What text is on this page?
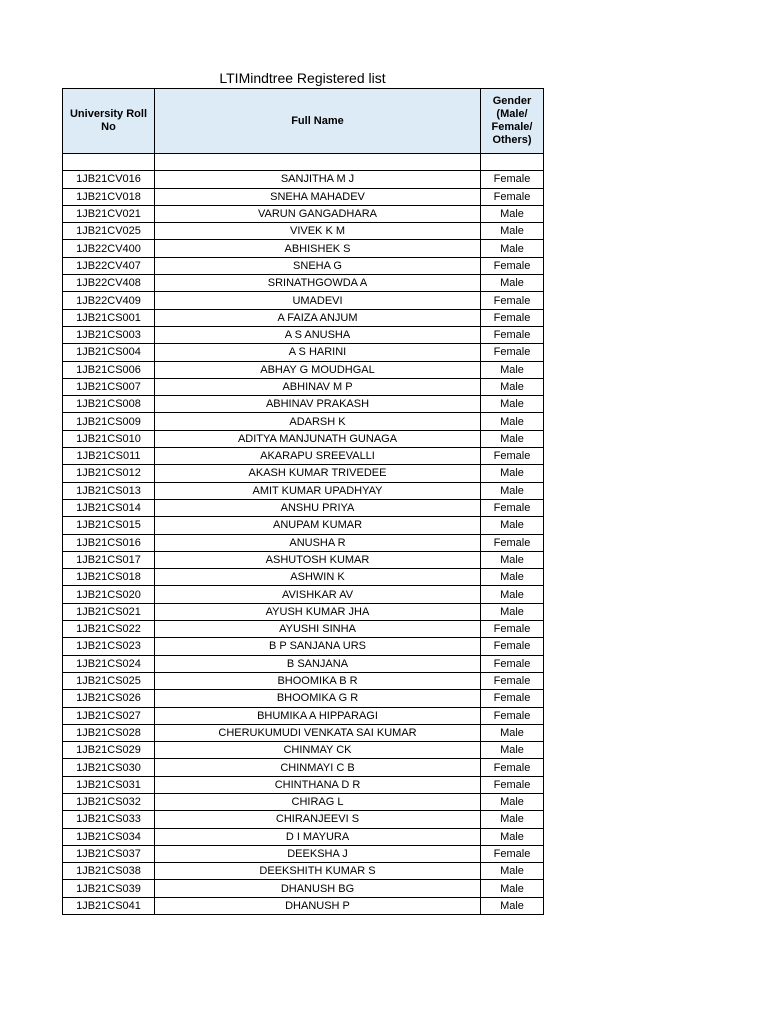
LTIMindtree Registered list
University Roll No	Full Name	Gender (Male/ Female/ Others)

1JB21CV016	SANJITHA M J	Female
1JB21CV018	SNEHA MAHADEV	Female
1JB21CV021	VARUN GANGADHARA	Male
1JB21CV025	VIVEK K M	Male
1JB22CV400	ABHISHEK S	Male
1JB22CV407	SNEHA G	Female
1JB22CV408	SRINATHGOWDA A	Male
1JB22CV409	UMADEVI	Female
1JB21CS001	A FAIZA ANJUM	Female
1JB21CS003	A S ANUSHA	Female
1JB21CS004	A S HARINI	Female
1JB21CS006	ABHAY G MOUDHGAL	Male
1JB21CS007	ABHINAV M P	Male
1JB21CS008	ABHINAV PRAKASH	Male
1JB21CS009	ADARSH K	Male
1JB21CS010	ADITYA MANJUNATH GUNAGA	Male
1JB21CS011	AKARAPU SREEVALLI	Female
1JB21CS012	AKASH KUMAR TRIVEDEE	Male
1JB21CS013	AMIT KUMAR UPADHYAY	Male
1JB21CS014	ANSHU PRIYA	Female
1JB21CS015	ANUPAM KUMAR	Male
1JB21CS016	ANUSHA R	Female
1JB21CS017	ASHUTOSH KUMAR	Male
1JB21CS018	ASHWIN K	Male
1JB21CS020	AVISHKAR AV	Male
1JB21CS021	AYUSH KUMAR JHA	Male
1JB21CS022	AYUSHI SINHA	Female
1JB21CS023	B P SANJANA URS	Female
1JB21CS024	B SANJANA	Female
1JB21CS025	BHOOMIKA B R	Female
1JB21CS026	BHOOMIKA G R	Female
1JB21CS027	BHUMIKA A HIPPARAGI	Female
1JB21CS028	CHERUKUMUDI VENKATA SAI KUMAR	Male
1JB21CS029	CHINMAY CK	Male
1JB21CS030	CHINMAYI C B	Female
1JB21CS031	CHINTHANA D R	Female
1JB21CS032	CHIRAG L	Male
1JB21CS033	CHIRANJEEVI S	Male
1JB21CS034	D I MAYURA	Male
1JB21CS037	DEEKSHA J	Female
1JB21CS038	DEEKSHITH KUMAR S	Male
1JB21CS039	DHANUSH BG	Male
1JB21CS041	DHANUSH P	Male
